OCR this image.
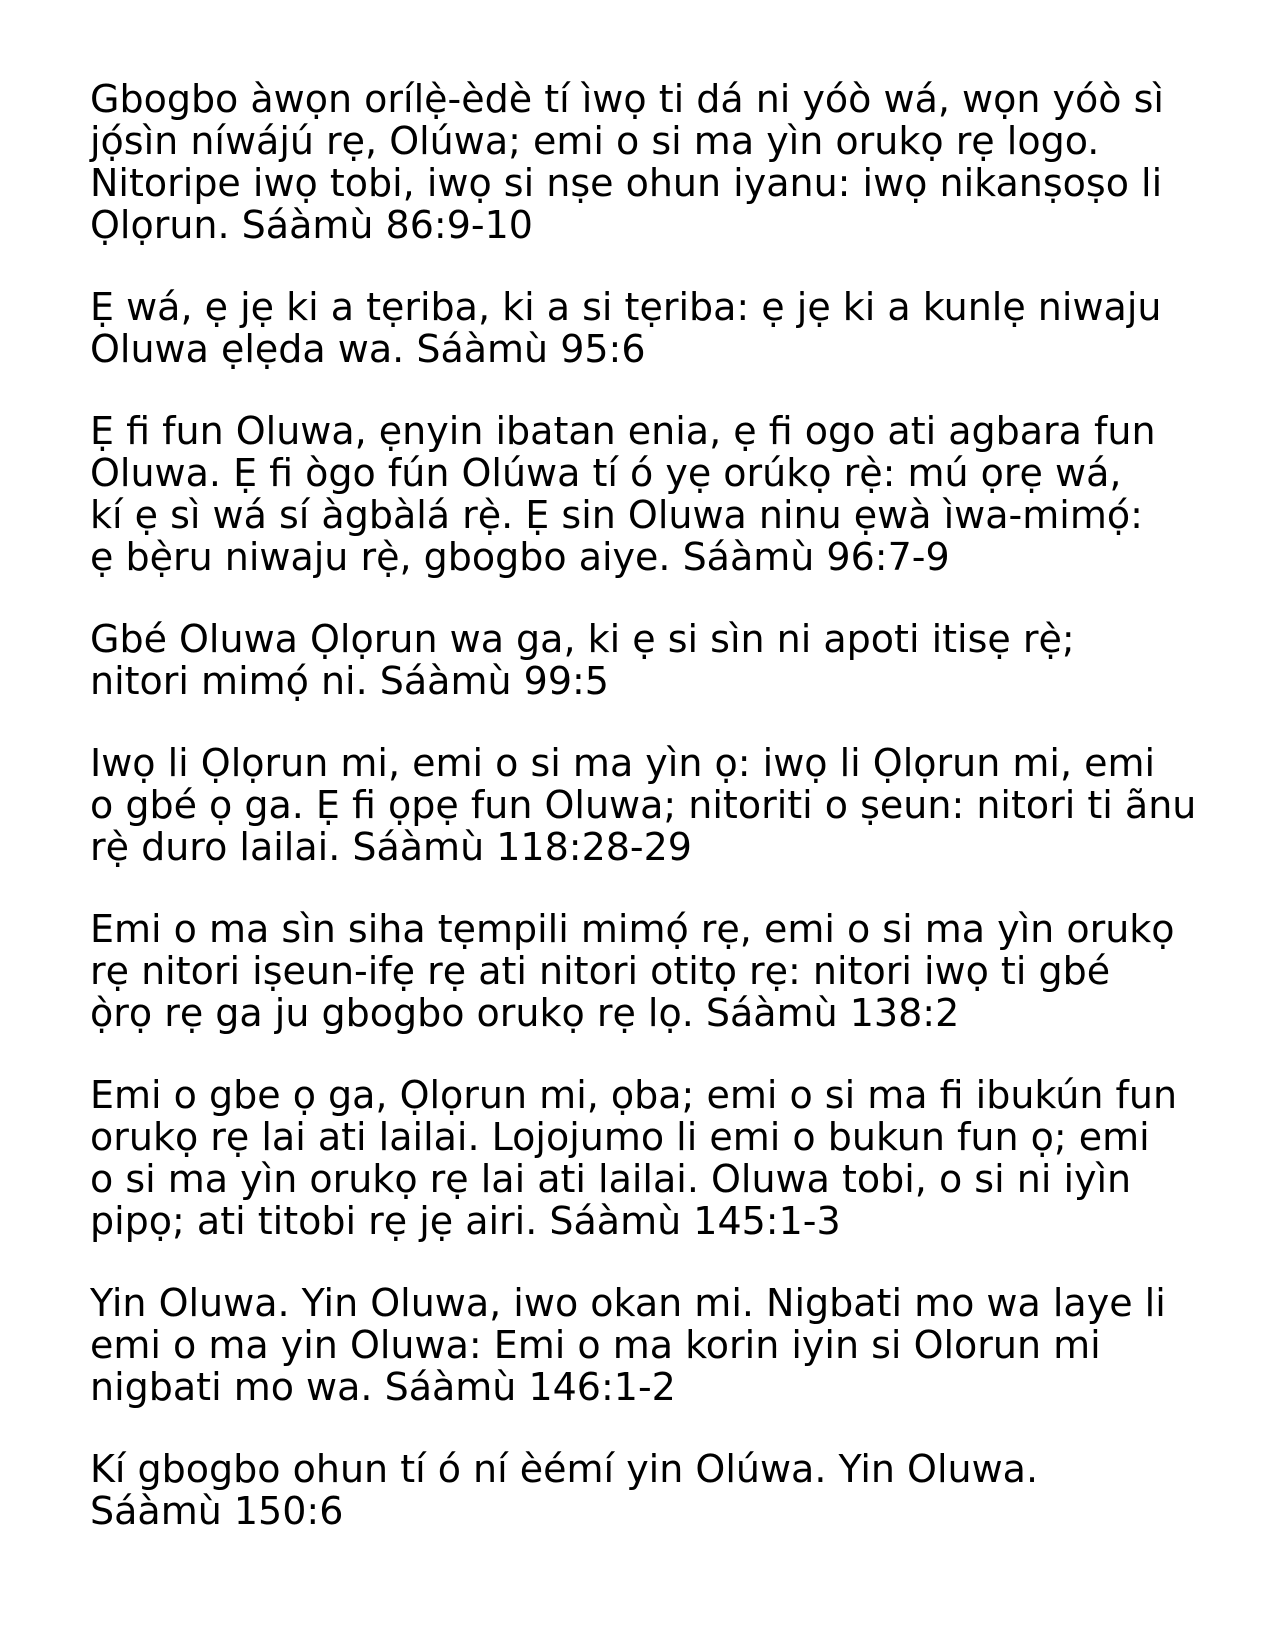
Gbogbo àwọn orílẹ̀-èdè tí ìwọ ti dá ni yóò wá, wọn yóò sì
jọ́sìn níwájú rẹ, Olúwa; emi o si ma yìn orukọ rẹ logo.
Nitoripe iwọ tobi, iwọ si nṣe ohun iyanu: iwọ nikanṣoṣo li
Ọlọrun. Sáàmù 86:9-10

Ẹ wá, ẹ jẹ ki a tẹriba, ki a si tẹriba: ẹ jẹ ki a kunlẹ niwaju
Oluwa ẹlẹda wa. Sáàmù 95:6

Ẹ fi fun Oluwa, ẹnyin ibatan enia, ẹ fi ogo ati agbara fun
Oluwa. Ẹ fi ògo fún Olúwa tí ó yẹ orúkọ rẹ̀: mú ọrẹ wá,
kí ẹ sì wá sí àgbàlá rẹ̀. Ẹ sin Oluwa ninu ẹwà ìwa-mimọ́:
ẹ bẹ̀ru niwaju rẹ̀, gbogbo aiye. Sáàmù 96:7-9

Gbé Oluwa Ọlọrun wa ga, ki ẹ si sìn ni apoti itisẹ rẹ̀;
nitori mimọ́ ni. Sáàmù 99:5

Iwọ li Ọlọrun mi, emi o si ma yìn ọ: iwọ li Ọlọrun mi, emi
o gbé ọ ga. Ẹ fi ọpẹ fun Oluwa; nitoriti o ṣeun: nitori ti ãnu
rẹ̀ duro lailai. Sáàmù 118:28-29

Emi o ma sìn siha tẹmpili mimọ́ rẹ, emi o si ma yìn orukọ
rẹ nitori iṣeun-ifẹ rẹ ati nitori otitọ rẹ: nitori iwọ ti gbé
ọ̀rọ rẹ ga ju gbogbo orukọ rẹ lọ. Sáàmù 138:2

Emi o gbe ọ ga, Ọlọrun mi, ọba; emi o si ma fi ibukún fun
orukọ rẹ lai ati lailai. Lojojumo li emi o bukun fun ọ; emi
o si ma yìn orukọ rẹ lai ati lailai. Oluwa tobi, o si ni iyìn
pipọ; ati titobi rẹ jẹ airi. Sáàmù 145:1-3

Yin Oluwa. Yin Oluwa, iwo okan mi. Nigbati mo wa laye li
emi o ma yin Oluwa: Emi o ma korin iyin si Olorun mi
nigbati mo wa. Sáàmù 146:1-2

Kí gbogbo ohun tí ó ní èémí yin Olúwa. Yin Oluwa.
Sáàmù 150:6
